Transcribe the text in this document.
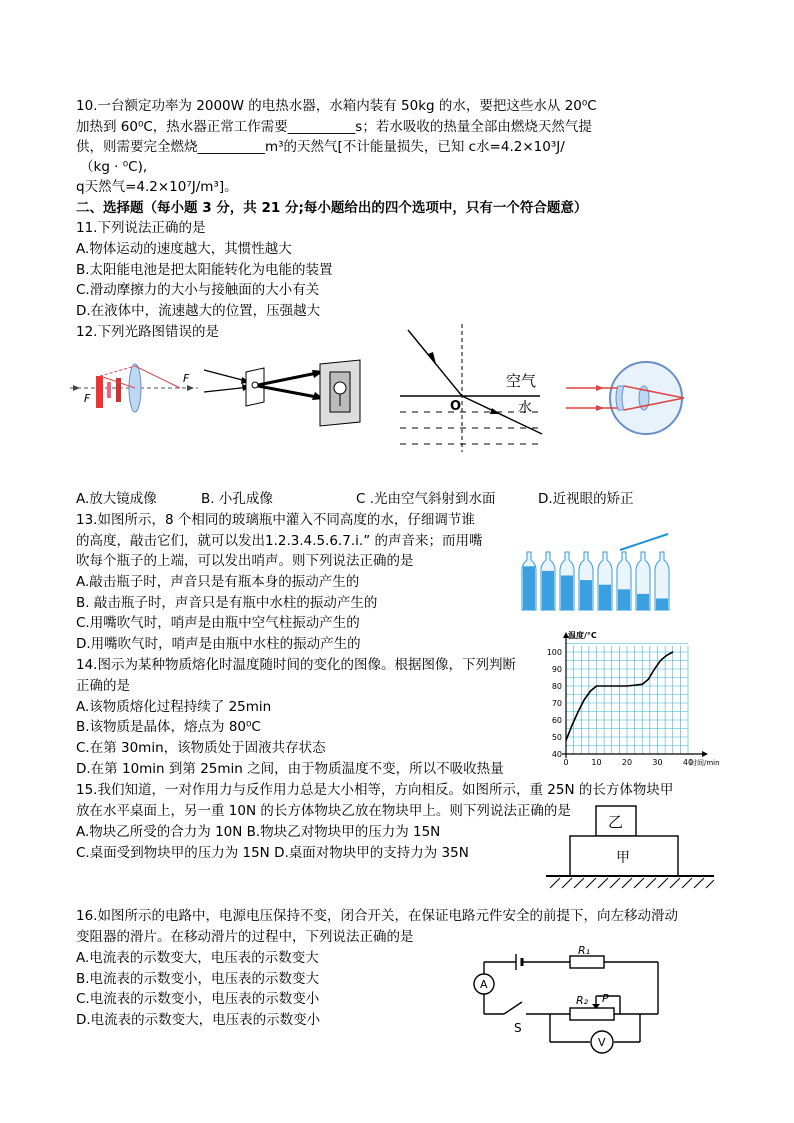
10.一台额定功率为 2000W 的电热水器，水箱内装有 50kg 的水，要把这些水从 20⁰C
加热到 60⁰C，热水器正常工作需要__________s；若水吸收的热量全部由燃烧天然气提
供，则需要完全燃烧__________m³的天然气[不计能量损失，已知 c水=4.2×10³J/
（kg · ⁰C),
q天然气=4.2×10⁷J/m³]。
二、选择题（每小题 3 分，共 21 分;每小题给出的四个选项中，只有一个符合题意）
11.下列说法正确的是
A.物体运动的速度越大，其惯性越大
B.太阳能电池是把太阳能转化为电能的装置
C.滑动摩擦力的大小与接触面的大小有关
D.在液体中，流速越大的位置，压强越大
12.下列光路图错误的是
F
F	空气
水
O
A.放大镜成像	B. 小孔成像	C .光由空气斜射到水面	D.近视眼的矫正
13.如图所示，8 个相同的玻璃瓶中灌入不同高度的水，仔细调节谁
的高度，敲击它们，就可以发出1.2.3.4.5.6.7.i.” 的声音来；而用嘴
吹每个瓶子的上端，可以发出哨声。则下列说法正确的是
A.敲击瓶子时，声音只是有瓶本身的振动产生的
B. 敲击瓶子时，声音只是有瓶中水柱的振动产生的
C.用嘴吹气时，哨声是由瓶中空气柱振动产生的
D.用嘴吹气时，哨声是由瓶中水柱的振动产生的
14.图示为某种物质熔化时温度随时间的变化的图像。根据图像，下列判断
正确的是
A.该物质熔化过程持续了 25min
B.该物质是晶体，熔点为 80⁰C
C.在第 30min，该物质处于固液共存状态
D.在第 10min 到第 25min 之间，由于物质温度不变，所以不吸收热量
40
50
60
70
80
90
100
0	10	20	30	40
温度/°C
时间/min
15.我们知道，一对作用力与反作用力总是大小相等，方向相反。如图所示，重 25N 的长方体物块甲
放在水平桌面上，另一重 10N 的长方体物块乙放在物块甲上。则下列说法正确的是
A.物块乙所受的合力为 10N B.物块乙对物块甲的压力为 15N
C.桌面受到物块甲的压力为 15N D.桌面对物块甲的支持力为 35N
乙
甲
16.如图所示的电路中，电源电压保持不变，闭合开关，在保证电路元件安全的前提下，向左移动滑动
变阻器的滑片。在移动滑片的过程中，下列说法正确的是
A.电流表的示数变大，电压表的示数变大
B.电流表的示数变小，电压表的示数变大
C.电流表的示数变小，电压表的示数变小
D.电流表的示数变大，电压表的示数变小
A
V
S
R₁
R₂ P
